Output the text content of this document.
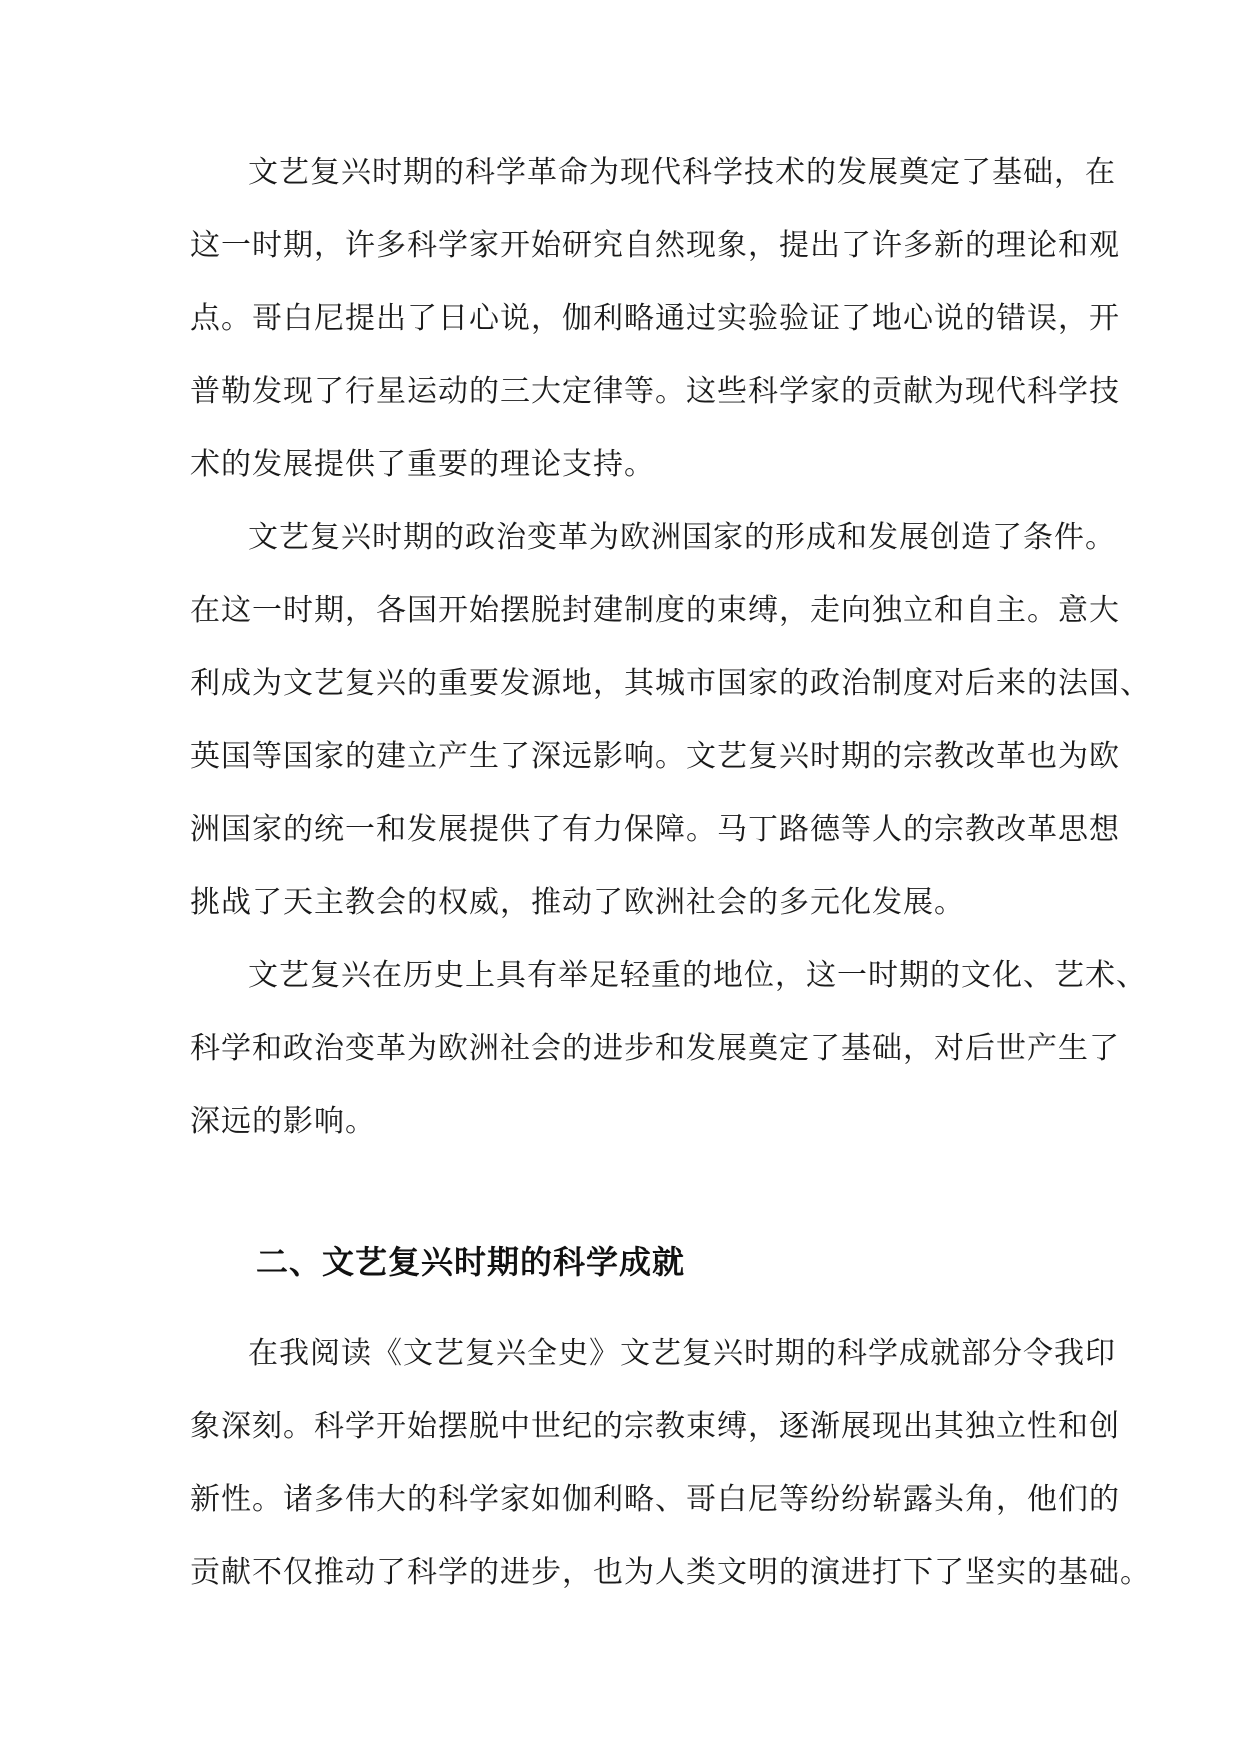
文艺复兴时期的科学革命为现代科学技术的发展奠定了基础，在
这一时期，许多科学家开始研究自然现象，提出了许多新的理论和观
点。哥白尼提出了日心说，伽利略通过实验验证了地心说的错误，开
普勒发现了行星运动的三大定律等。这些科学家的贡献为现代科学技
术的发展提供了重要的理论支持。
文艺复兴时期的政治变革为欧洲国家的形成和发展创造了条件。
在这一时期，各国开始摆脱封建制度的束缚，走向独立和自主。意大
利成为文艺复兴的重要发源地，其城市国家的政治制度对后来的法国、
英国等国家的建立产生了深远影响。文艺复兴时期的宗教改革也为欧
洲国家的统一和发展提供了有力保障。马丁路德等人的宗教改革思想
挑战了天主教会的权威，推动了欧洲社会的多元化发展。
文艺复兴在历史上具有举足轻重的地位，这一时期的文化、艺术、
科学和政治变革为欧洲社会的进步和发展奠定了基础，对后世产生了
深远的影响。
二、文艺复兴时期的科学成就
在我阅读《文艺复兴全史》文艺复兴时期的科学成就部分令我印
象深刻。科学开始摆脱中世纪的宗教束缚，逐渐展现出其独立性和创
新性。诸多伟大的科学家如伽利略、哥白尼等纷纷崭露头角，他们的
贡献不仅推动了科学的进步，也为人类文明的演进打下了坚实的基础。
